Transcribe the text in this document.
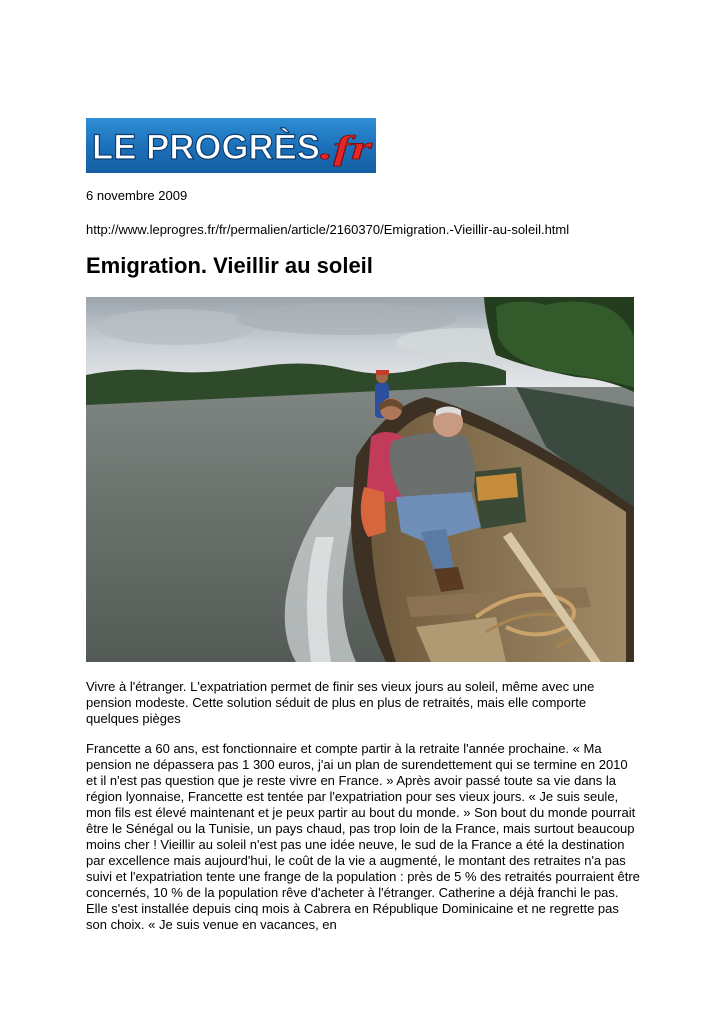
LE PROGRÈS
.fr
6 novembre 2009
http://www.leprogres.fr/fr/permalien/article/2160370/Emigration.-Vieillir-au-soleil.html
Emigration. Vieillir au soleil

Vivre à l'étranger. L'expatriation permet de finir ses vieux jours au soleil, même avec une pension modeste. Cette solution séduit de plus en plus de retraités, mais elle comporte quelques pièges

Francette a 60 ans, est fonctionnaire et compte partir à la retraite l'année prochaine. « Ma pension ne dépassera pas 1 300 euros, j'ai un plan de surendettement qui se termine en 2010 et il n'est pas question que je reste vivre en France. » Après avoir passé toute sa vie dans la région lyonnaise, Francette est tentée par l'expatriation pour ses vieux jours. « Je suis seule, mon fils est élevé maintenant et je peux partir au bout du monde. » Son bout du monde pourrait être le Sénégal ou la Tunisie, un pays chaud, pas trop loin de la France, mais surtout beaucoup moins cher ! Vieillir au soleil n'est pas une idée neuve, le sud de la France a été la destination par excellence mais aujourd'hui, le coût de la vie a augmenté, le montant des retraites n'a pas suivi et l'expatriation tente une frange de la population : près de 5 % des retraités pourraient être concernés, 10 % de la population rêve d'acheter à l'étranger. Catherine a déjà franchi le pas. Elle s'est installée depuis cinq mois à Cabrera en République Dominicaine et ne regrette pas son choix. « Je suis venue en vacances, en
